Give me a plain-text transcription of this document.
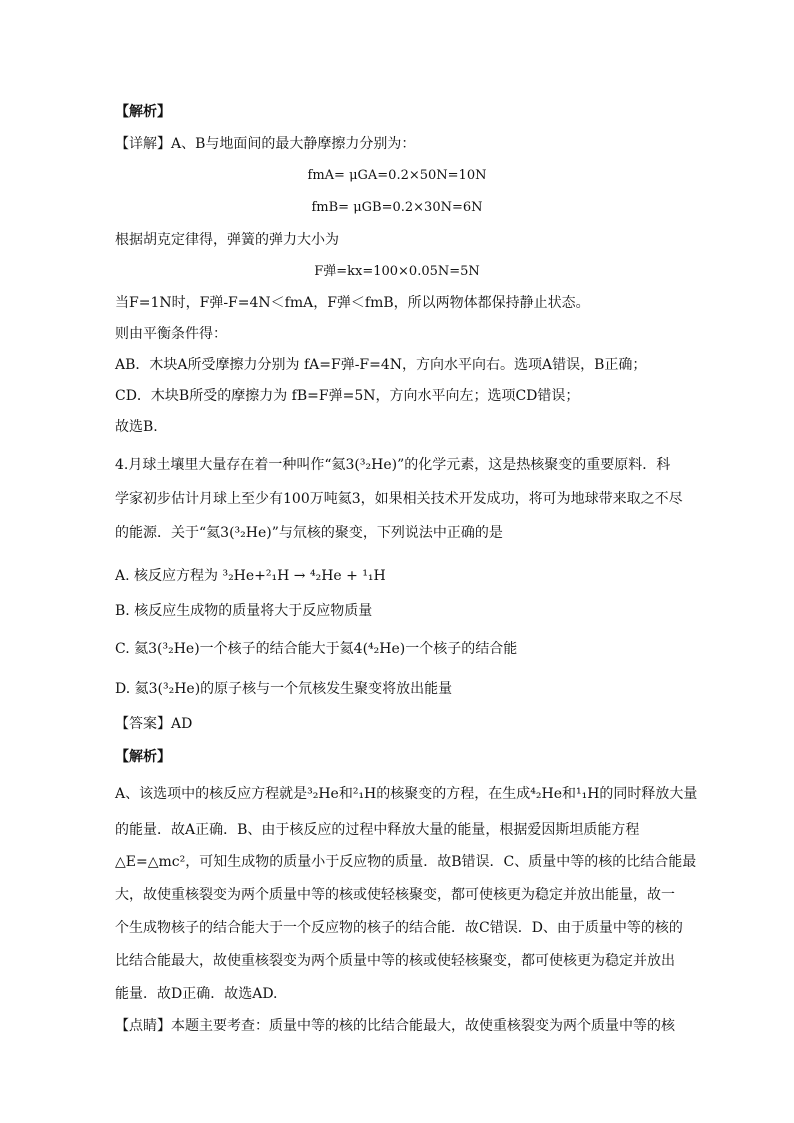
【解析】
【详解】A、B与地面间的最大静摩擦力分别为：
fmA= μGA=0.2×50N=10N
fmB= μGB=0.2×30N=6N
根据胡克定律得，弹簧的弹力大小为
F弹=kx=100×0.05N=5N
当F=1N时，F弹-F=4N＜fmA，F弹＜fmB，所以两物体都保持静止状态。
则由平衡条件得：
AB．木块A所受摩擦力分别为 fA=F弹-F=4N，方向水平向右。选项A错误，B正确；
CD．木块B所受的摩擦力为 fB=F弹=5N，方向水平向左；选项CD错误；
故选B.
4.月球土壤里大量存在着一种叫作“氦3(³₂He)”的化学元素，这是热核聚变的重要原料．科
学家初步估计月球上至少有100万吨氦3，如果相关技术开发成功，将可为地球带来取之不尽
的能源．关于“氦3(³₂He)”与氘核的聚变，下列说法中正确的是
A. 核反应方程为 ³₂He+²₁H → ⁴₂He + ¹₁H
B. 核反应生成物的质量将大于反应物质量
C. 氦3(³₂He)一个核子的结合能大于氦4(⁴₂He)一个核子的结合能
D. 氦3(³₂He)的原子核与一个氘核发生聚变将放出能量
【答案】AD
【解析】
A、该选项中的核反应方程就是³₂He和²₁H的核聚变的方程，在生成⁴₂He和¹₁H的同时释放大量
的能量．故A正确．B、由于核反应的过程中释放大量的能量，根据爱因斯坦质能方程
△E=△mc²，可知生成物的质量小于反应物的质量．故B错误．C、质量中等的核的比结合能最
大，故使重核裂变为两个质量中等的核或使轻核聚变，都可使核更为稳定并放出能量，故一
个生成物核子的结合能大于一个反应物的核子的结合能．故C错误．D、由于质量中等的核的
比结合能最大，故使重核裂变为两个质量中等的核或使轻核聚变，都可使核更为稳定并放出
能量．故D正确．故选AD.
【点睛】本题主要考查：质量中等的核的比结合能最大，故使重核裂变为两个质量中等的核
